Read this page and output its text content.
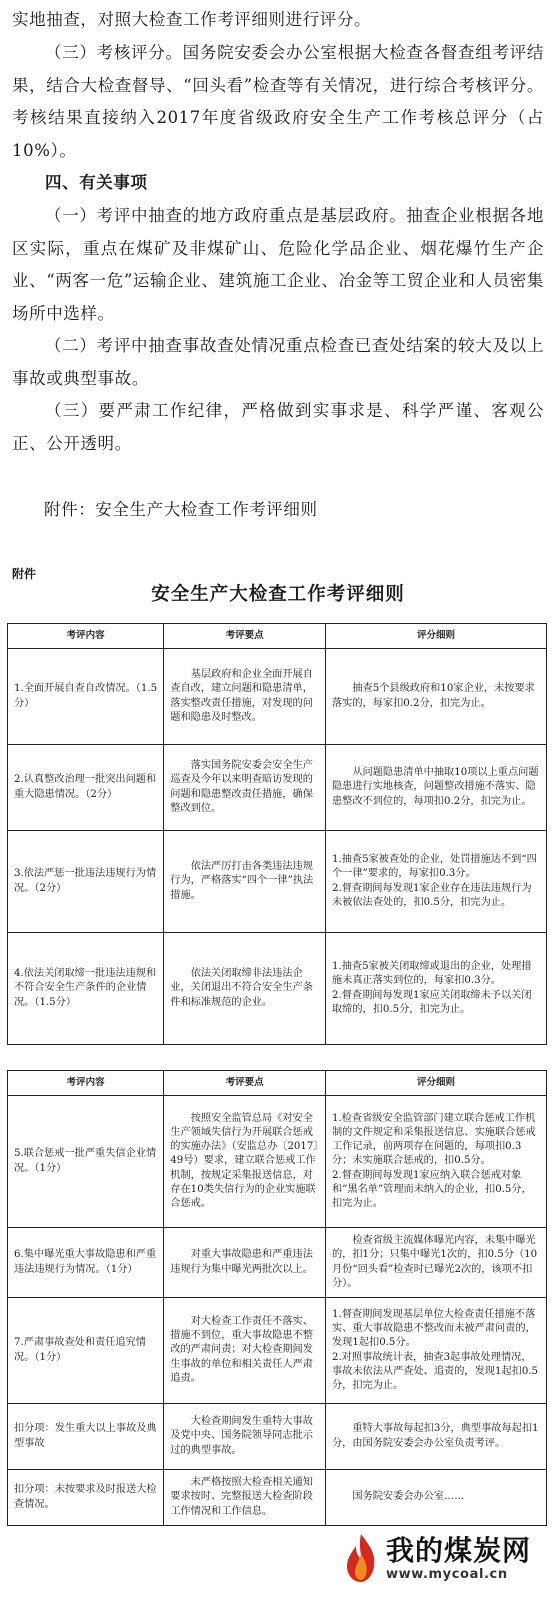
实地抽查，对照大检查工作考评细则进行评分。

（三）考核评分。国务院安委会办公室根据大检查各督查组考评结果，结合大检查督导、“回头看”检查等有关情况，进行综合考核评分。考核结果直接纳入2017年度省级政府安全生产工作考核总评分（占10%）。

四、有关事项

（一）考评中抽查的地方政府重点是基层政府。抽查企业根据各地区实际，重点在煤矿及非煤矿山、危险化学品企业、烟花爆竹生产企业、“两客一危”运输企业、建筑施工企业、冶金等工贸企业和人员密集场所中选样。

（二）考评中抽查事故查处情况重点检查已查处结案的较大及以上事故或典型事故。

（三）要严肃工作纪律，严格做到实事求是、科学严谨、客观公正、公开透明。

附件：安全生产大检查工作考评细则

附件

安全生产大检查工作考评细则

考评内容	考评要点	评分细则
1.全面开展自查自改情况。（1.5分）	基层政府和企业全面开展自查自改，建立问题和隐患清单，落实整改责任措施，对发现的问题和隐患及时整改。	抽查5个县级政府和10家企业，未按要求落实的，每家扣0.2分，扣完为止。

2.认真整改治理一批突出问题和重大隐患情况。（2分）	落实国务院安委会安全生产巡查及今年以来明查暗访发现的问题和隐患整改责任措施，确保整改到位。	从问题隐患清单中抽取10项以上重点问题隐患进行实地核查，问题整改措施不落实、隐患整改不到位的，每项扣0.2分，扣完为止。

3.依法严惩一批违法违规行为情况。（2分）	依法严厉打击各类违法违规行为，严格落实“四个一律”执法措施。	1.抽查5家被查处的企业，处罚措施达不到“四个一律”要求的，每家扣0.3分。
2.督查期间每发现1家企业存在违法违规行为未被依法查处的，扣0.5分，扣完为止。
4.依法关闭取缔一批违法违规和不符合安全生产条件的企业情况。（1.5分）	依法关闭取缔非法违法企业，关闭退出不符合安全生产条件和标准规范的企业。	1.抽查5家被关闭取缔或退出的企业，处理措施未真正落实到位的，每家扣0.3分。
2.督查期间每发现1家应关闭取缔未予以关闭取缔的，扣0.5分，扣完为止。
考评内容	考评要点	评分细则
5.联合惩戒一批严重失信企业情况。（1分）	按照安全监管总局《对安全生产领域失信行为开展联合惩戒的实施办法》（安监总办〔2017〕49号）要求，建立联合惩戒工作机制，按规定采集报送信息，对存在10类失信行为的企业实施联合惩戒。	1.检查省级安全监管部门建立联合惩戒工作机制的文件规定和采集报送信息、实施联合惩戒工作记录，前两项存在问题的，每项扣0.3分；未实施联合惩戒的，扣0.5分。
2.督查期间每发现1家应纳入联合惩戒对象和“黑名单”管理而未纳入的企业，扣0.5分，扣完为止。
6.集中曝光重大事故隐患和严重违法违规行为情况。（1分）	对重大事故隐患和严重违法违规行为集中曝光两批次以上。	检查省级主流媒体曝光内容，未集中曝光的，扣1分；只集中曝光1次的，扣0.5分（10月份“回头看”检查时已曝光2次的，该项不扣分）。

7.严肃事故查处和责任追究情况。（1分）	对大检查工作责任不落实、措施不到位，重大事故隐患不整改的严肃问责；对大检查期间发生事故的单位和相关责任人严肃追责。	1.督查期间发现基层单位大检查责任措施不落实、重大事故隐患不整改而未被严肃问责的，发现1起扣0.5分。
2.对照事故统计表，抽查3起事故处理情况，事故未依法从严查处、追责的，发现1起扣0.5分，扣完为止。
扣分项：发生重大以上事故及典型事故	大检查期间发生重特大事故及党中央、国务院领导同志批示过的典型事故。	重特大事故每起扣3分，典型事故每起扣1分，由国务院安委会办公室负责考评。

扣分项：未按要求及时报送大检查情况。	未严格按照大检查相关通知要求按时、完整报送大检查阶段工作情况和工作信息。	国务院安委会办公室……
我的煤炭网
www.mycoal.cn
